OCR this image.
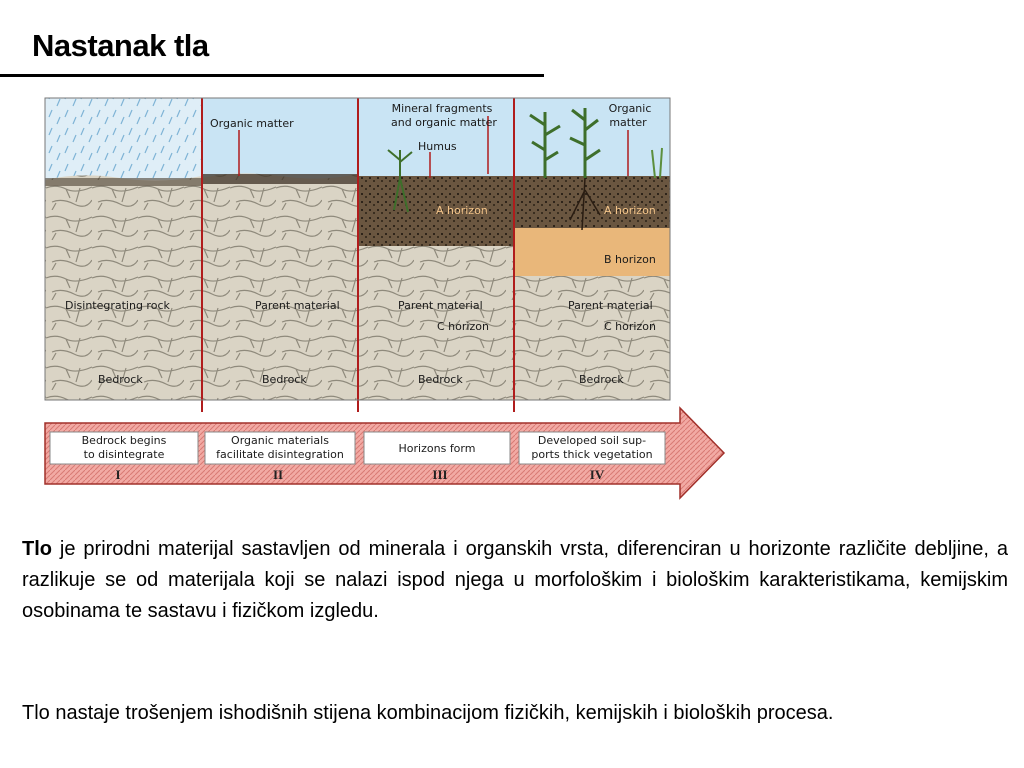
Nastanak tla
Disintegrating rock
Bedrock
Organic matter
Parent material
Bedrock
Mineral fragments
and organic matter
Humus
A horizon
Parent material
C horizon
Bedrock
Organic
matter
A horizon
B horizon
Parent material
C horizon
Bedrock
Bedrock begins
to disintegrate
Organic materials
facilitate disintegration	Horizons form
Developed soil sup-
ports thick vegetation
I	II	III	IV

Tlo je prirodni materijal sastavljen od minerala i organskih vrsta, diferenciran u horizonte različite debljine, a razlikuje se od materijala koji se nalazi ispod njega u morfološkim i biološkim karakteristikama, kemijskim osobinama te sastavu i fizičkom izgledu.

Tlo nastaje trošenjem ishodišnih stijena kombinacijom fizičkih, kemijskih i bioloških procesa.
